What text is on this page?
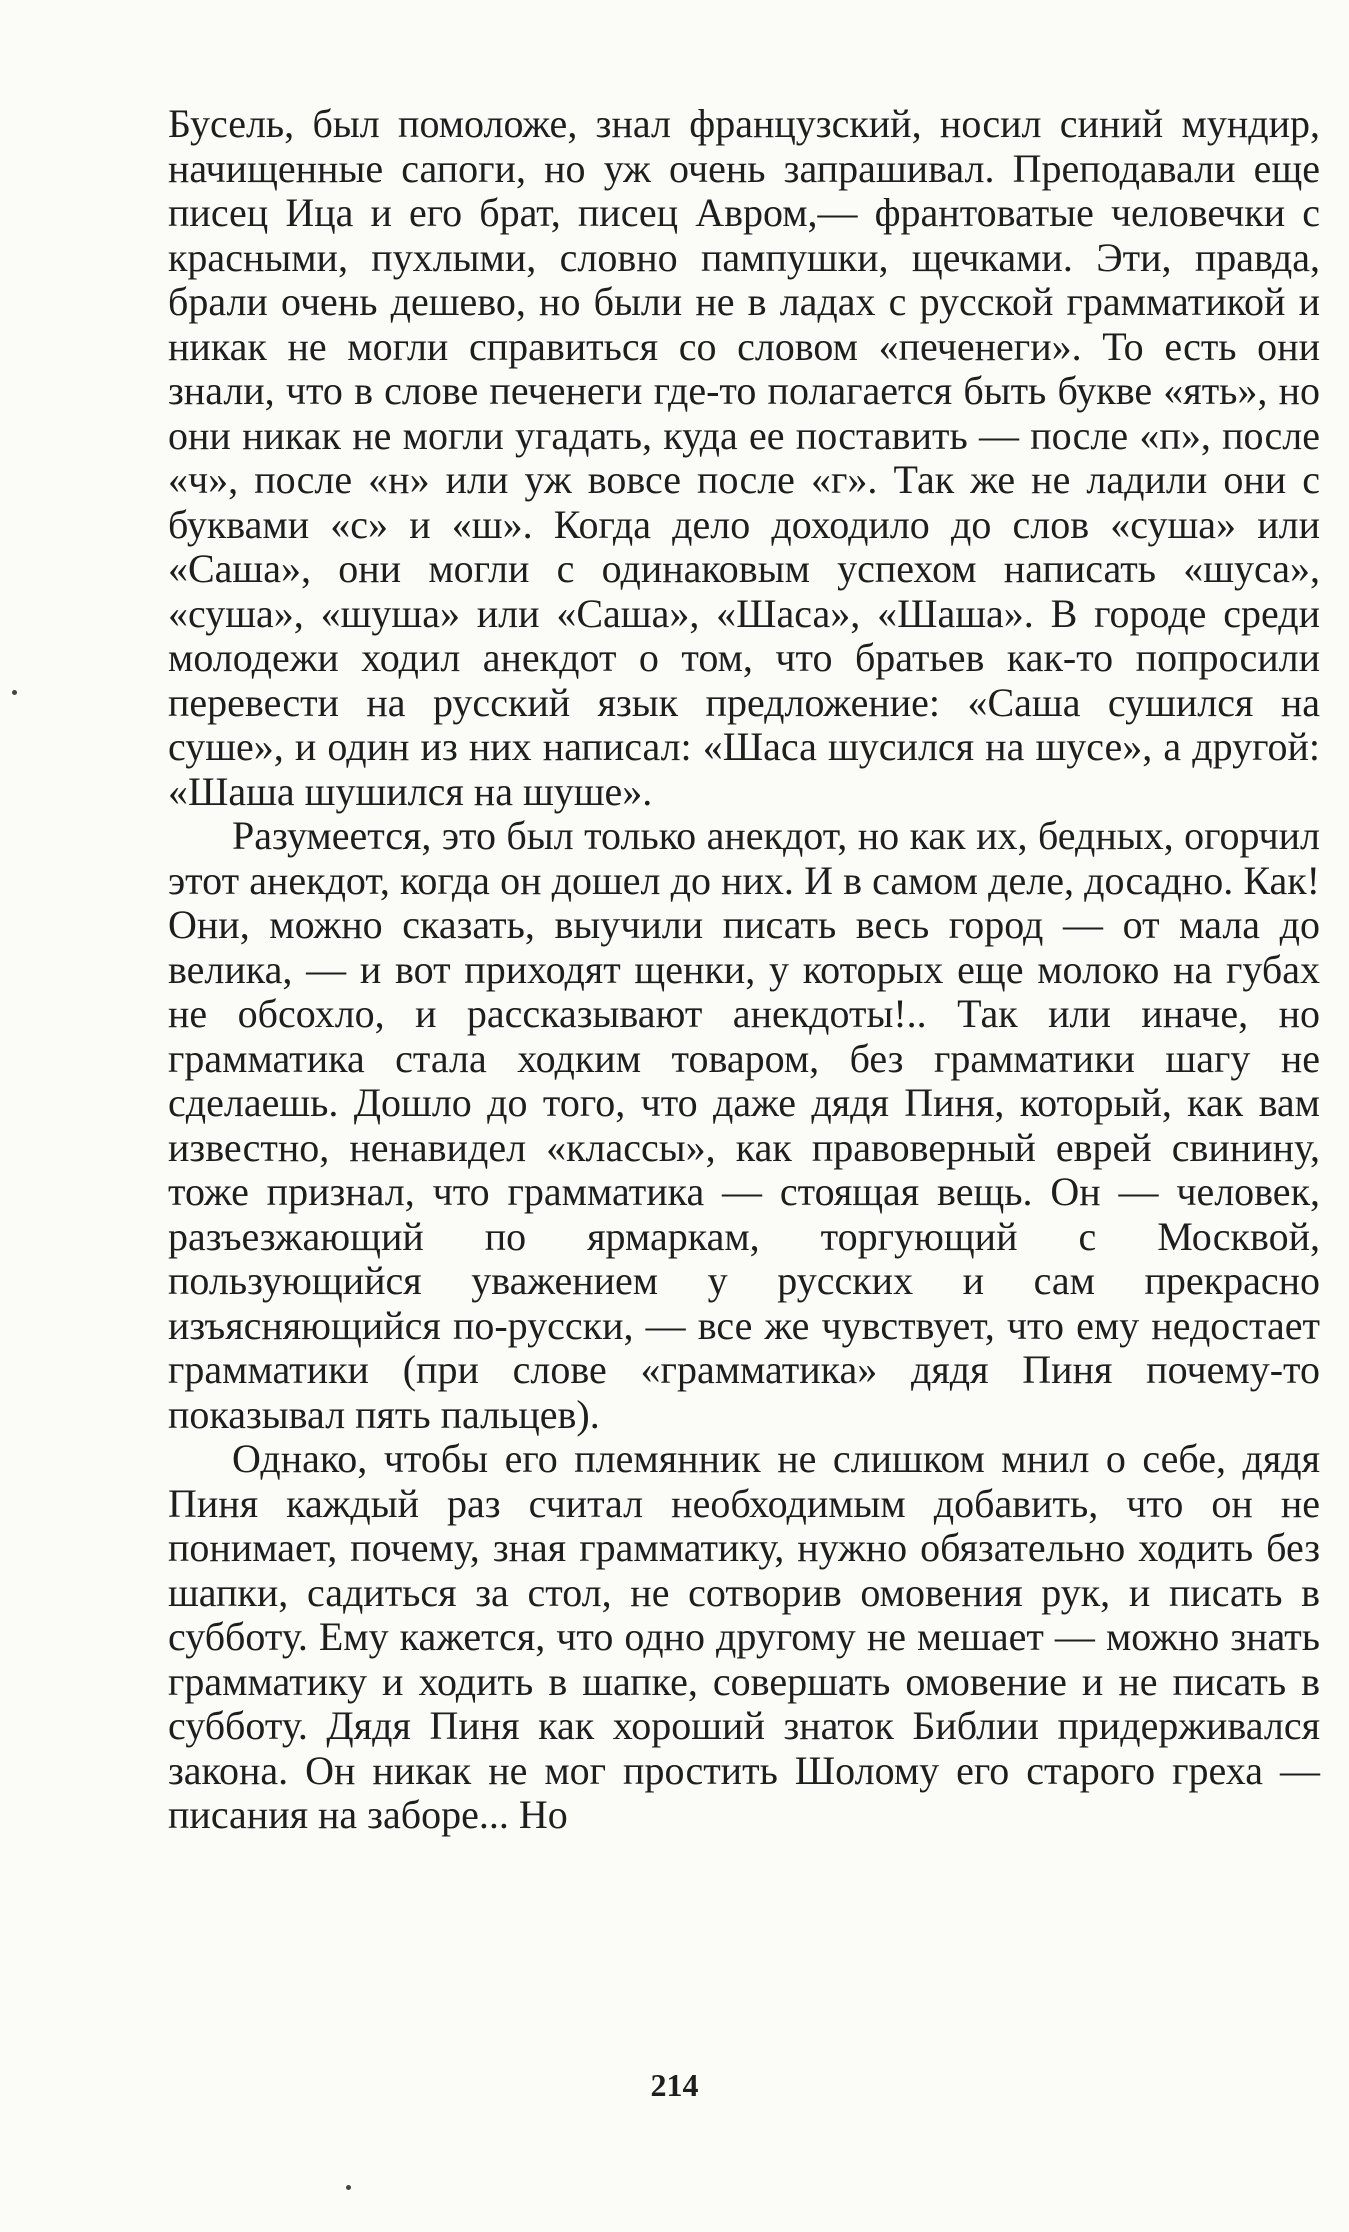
Бусель, был помоложе, знал французский, носил синий мундир, начищенные сапоги, но уж очень запрашивал. Преподавали еще писец Ица и его брат, писец Авром,— франтоватые человечки с красными, пухлыми, словно пампушки, щечками. Эти, правда, брали очень дешево, но были не в ладах с русской грамматикой и никак не могли справиться со словом «печенеги». То есть они знали, что в слове печенеги где-то полагается быть букве «ять», но они никак не могли угадать, куда ее поставить — после «п», после «ч», после «н» или уж вовсе после «г». Так же не ладили они с буквами «с» и «ш». Когда дело доходило до слов «суша» или «Саша», они могли с одинаковым успехом написать «шуса», «суша», «шуша» или «Саша», «Шаса», «Шаша». В городе среди молодежи ходил анекдот о том, что братьев как-то попросили перевести на русский язык предложение: «Саша сушился на суше», и один из них написал: «Шаса шусился на шусе», а другой: «Шаша шушился на шуше».

Разумеется, это был только анекдот, но как их, бедных, огорчил этот анекдот, когда он дошел до них. И в самом деле, досадно. Как! Они, можно сказать, выучили писать весь город — от мала до велика, — и вот приходят щенки, у которых еще молоко на губах не обсохло, и рассказывают анекдоты!.. Так или иначе, но грамматика стала ходким товаром, без грамматики шагу не сделаешь. Дошло до того, что даже дядя Пиня, который, как вам известно, ненавидел «классы», как правоверный еврей свинину, тоже признал, что грамматика — стоящая вещь. Он — человек, разъезжающий по ярмаркам, торгующий с Москвой, пользующийся уважением у русских и сам прекрасно изъясняющийся по-русски, — все же чувствует, что ему недостает грамматики (при слове «грамматика» дядя Пиня почему-то показывал пять пальцев).

Однако, чтобы его племянник не слишком мнил о себе, дядя Пиня каждый раз считал необходимым добавить, что он не понимает, почему, зная грамматику, нужно обязательно ходить без шапки, садиться за стол, не сотворив омовения рук, и писать в субботу. Ему кажется, что одно другому не мешает — можно знать грамматику и ходить в шапке, совершать омовение и не писать в субботу. Дядя Пиня как хороший знаток Библии придерживался закона. Он никак не мог простить Шолому его старого греха — писания на заборе... Но

214
